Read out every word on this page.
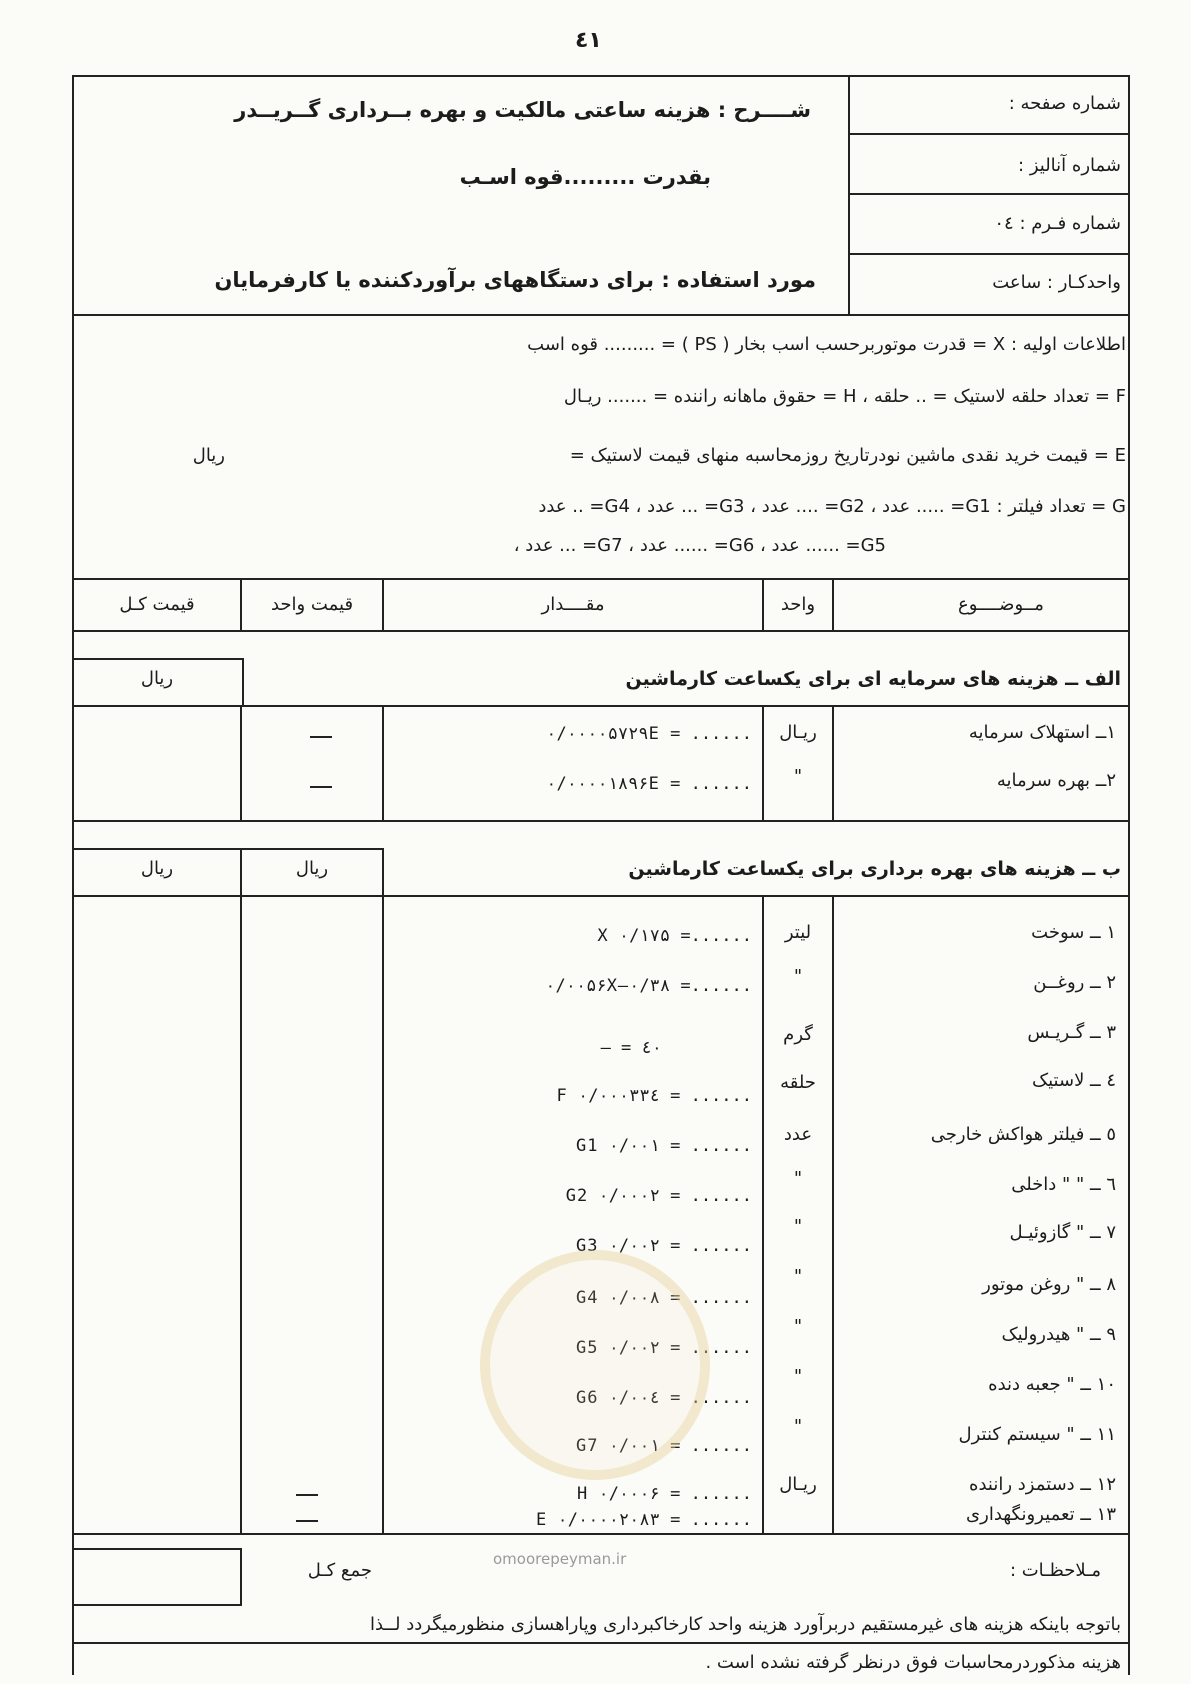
٤١
شــــرح : هزینه ساعتی مالکیت و بهره بــرداری گــریــدر
بقدرت .........قوه اسـب
مورد استفاده : برای دستگاههای برآوردکننده یا کارفرمایان
شماره صفحه :
شماره آنالیز :
شماره فـرم : ٠٤
واحدکـار : ساعت
اطلاعات اولیه : X = قدرت موتوربرحسب اسب بخار ( PS ) = ......... قوه اسب
F = تعداد حلقه لاستیک = .. حلقه ، H = حقوق ماهانه راننده = ....... ریـال
E = قیمت خرید نقدی ماشین نودرتاریخ روزمحاسبه منهای قیمت لاستیک =
ریال
G = تعداد فیلتر : G1= ..... عدد ، G2= .... عدد ، G3= ... عدد ، G4= .. عدد
G5= ...... عدد ، G6= ...... عدد ، G7= ... عدد ،
مــوضــــوع
واحد
مقــــدار
قیمت واحد
قیمت کـل
الف ــ هزینه های سرمایه ای برای یکساعت کارماشین
ریال
۱ــ استهلاک سرمایه
ریـال
...... = ۰/۰۰۰۰۵۷۲۹E
۲ــ بهره سرمایه
"
...... = ۰/۰۰۰۰۱۸۹۶E
ب ــ هزینه های بهره برداری برای یکساعت کارماشین
ریال	ریال
۱ ــ سوخت
لیتر
......= ۰/۱۷۵ X
۲ ــ روغــن
"
......= ۰/۰۰۵۶X—۰/۳۸
۳ ــ گـریـس
گرم
٤٠ = —
٤ ــ لاستیک
حلقه
...... = ۰/۰۰۰۳۳٤ F
٥ ــ فیلتر هواکش خارجی
عدد
...... = ۰/۰۰۱ G1
٦ ــ " " داخلی
"
...... = ۰/۰۰۰۲ G2
۷ ــ " گازوئیـل
"
...... = ۰/۰۰۲ G3
۸ ــ " روغن موتور
"
...... = ۰/۰۰۸ G4
۹ ــ " هیدرولیک
"
...... = ۰/۰۰۲ G5
۱۰ ــ " جعبه دنده
"
...... = ۰/۰۰٤ G6
۱۱ ــ " سیستم کنترل
"
...... = ۰/۰۰۱ G7
۱۲ ــ دستمزد راننده
ریـال
...... = ۰/۰۰۰۶ H
۱۳ ــ تعمیرونگهداری
...... = ۰/۰۰۰۰۲۰۸۳ E
جمع کـل	مـلاحظـات :
باتوجه باینکه هزینه های غیرمستقیم دربرآورد هزینه واحد کارخاکبرداری وپاراهسازی منظورمیگردد لــذا
هزینه مذکوردرمحاسبات فوق درنظر گرفته نشده است .
omoorepeyman.ir
